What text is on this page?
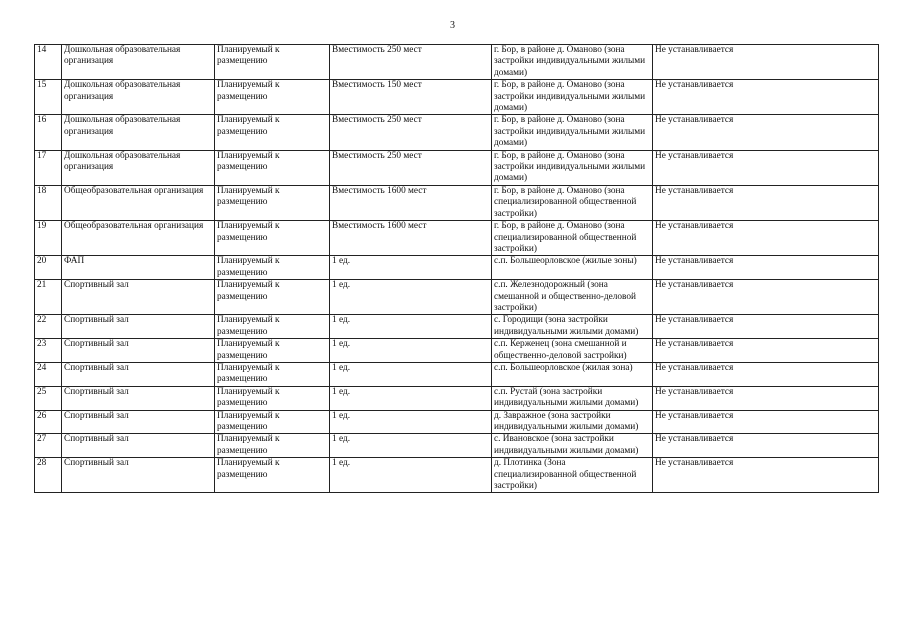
3
14	Дошкольная образовательная организация	Планируемый к размещению	Вместимость 250 мест	г. Бор, в районе д. Оманово (зона застройки индивидуальными жилыми домами)	Не устанавливается
15	Дошкольная образовательная организация	Планируемый к размещению	Вместимость 150 мест	г. Бор, в районе д. Оманово (зона застройки индивидуальными жилыми домами)	Не устанавливается
16	Дошкольная образовательная организация	Планируемый к размещению	Вместимость 250 мест	г. Бор, в районе д. Оманово (зона застройки индивидуальными жилыми домами)	Не устанавливается
17	Дошкольная образовательная организация	Планируемый к размещению	Вместимость 250 мест	г. Бор, в районе д. Оманово (зона застройки индивидуальными жилыми домами)	Не устанавливается
18	Общеобразовательная организация	Планируемый к размещению	Вместимость 1600 мест	г. Бор, в районе д. Оманово (зона специализированной общественной застройки)	Не устанавливается
19	Общеобразовательная организация	Планируемый к размещению	Вместимость 1600 мест	г. Бор, в районе д. Оманово (зона специализированной общественной застройки)	Не устанавливается
20	ФАП	Планируемый к размещению	1 ед.	с.п. Большеорловское (жилые зоны)	Не устанавливается
21	Спортивный зал	Планируемый к размещению	1 ед.	с.п. Железнодорожный (зона смешанной и общественно-деловой застройки)	Не устанавливается
22	Спортивный зал	Планируемый к размещению	1 ед.	с. Городищи (зона застройки индивидуальными жилыми домами)	Не устанавливается
23	Спортивный зал	Планируемый к размещению	1 ед.	с.п. Керженец (зона смешанной и общественно-деловой застройки)	Не устанавливается
24	Спортивный зал	Планируемый к размещению	1 ед.	с.п. Большеорловское (жилая зона)	Не устанавливается
25	Спортивный зал	Планируемый к размещению	1 ед.	с.п. Рустай (зона застройки индивидуальными жилыми домами)	Не устанавливается
26	Спортивный зал	Планируемый к размещению	1 ед.	д. Завражное (зона застройки индивидуальными жилыми домами)	Не устанавливается
27	Спортивный зал	Планируемый к размещению	1 ед.	с. Ивановское (зона застройки индивидуальными жилыми домами)	Не устанавливается
28	Спортивный зал	Планируемый к размещению	1 ед.	д. Плотинка (Зона специализированной общественной застройки)	Не устанавливается
